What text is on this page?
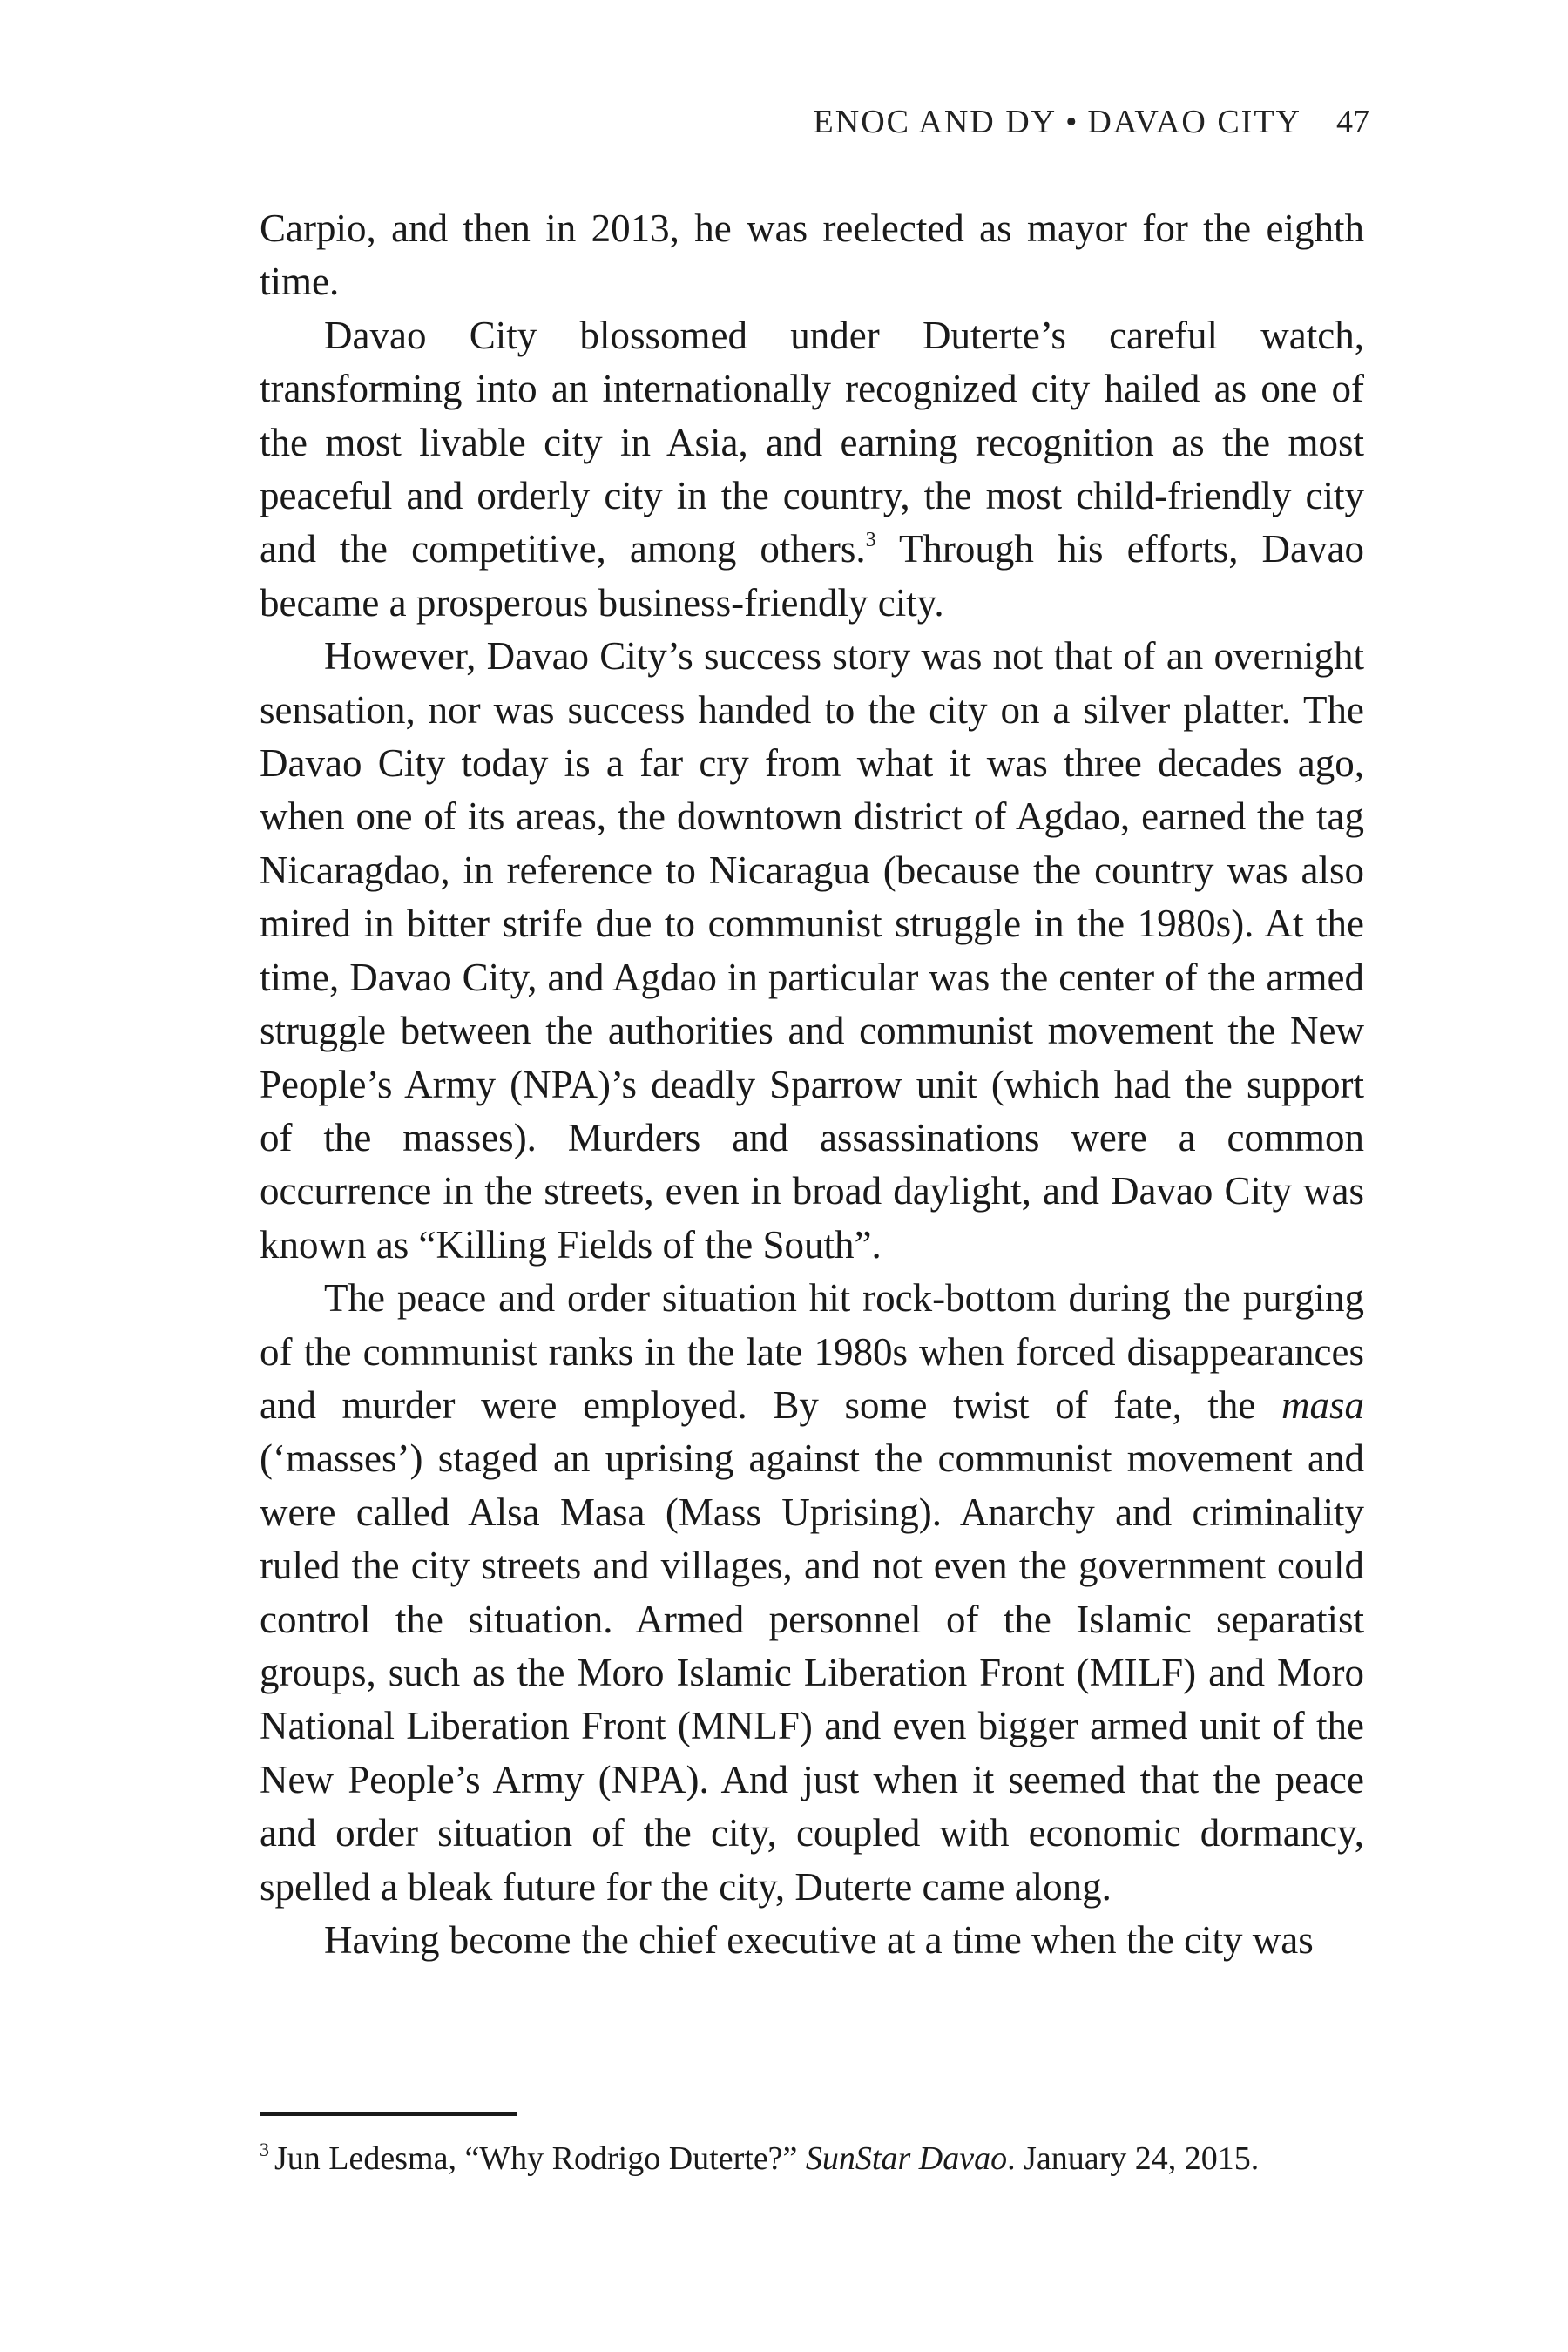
ENOC AND DY • DAVAO CITY 47

Carpio, and then in 2013, he was reelected as mayor for the eighth time.

Davao City blossomed under Duterte’s careful watch, transforming into an internationally recognized city hailed as one of the most livable city in Asia, and earning recognition as the most peaceful and orderly city in the country, the most child-friendly city and the competitive, among others.$^3$ Through his efforts, Davao became a prosperous business-friendly city.

However, Davao City’s success story was not that of an overnight sensation, nor was success handed to the city on a silver platter. The Davao City today is a far cry from what it was three decades ago, when one of its areas, the downtown district of Agdao, earned the tag Nicaragdao, in reference to Nicaragua (because the country was also mired in bitter strife due to communist struggle in the 1980s). At the time, Davao City, and Agdao in particular was the center of the armed struggle between the authorities and communist movement the New People’s Army (NPA)’s deadly Sparrow unit (which had the support of the masses). Murders and assassinations were a common occurrence in the streets, even in broad daylight, and Davao City was known as “Killing Fields of the South”.

The peace and order situation hit rock-bottom during the purging of the communist ranks in the late 1980s when forced disappearances and murder were employed. By some twist of fate, the masa (‘masses’) staged an uprising against the communist movement and were called Alsa Masa (Mass Uprising). Anarchy and criminality ruled the city streets and villages, and not even the government could control the situation. Armed personnel of the Islamic separatist groups, such as the Moro Islamic Liberation Front (MILF) and Moro National Liberation Front (MNLF) and even bigger armed unit of the New People’s Army (NPA). And just when it seemed that the peace and order situation of the city, coupled with economic dormancy, spelled a bleak future for the city, Duterte came along.

Having become the chief executive at a time when the city was

$^3$ Jun Ledesma, “Why Rodrigo Duterte?” SunStar Davao. January 24, 2015.
